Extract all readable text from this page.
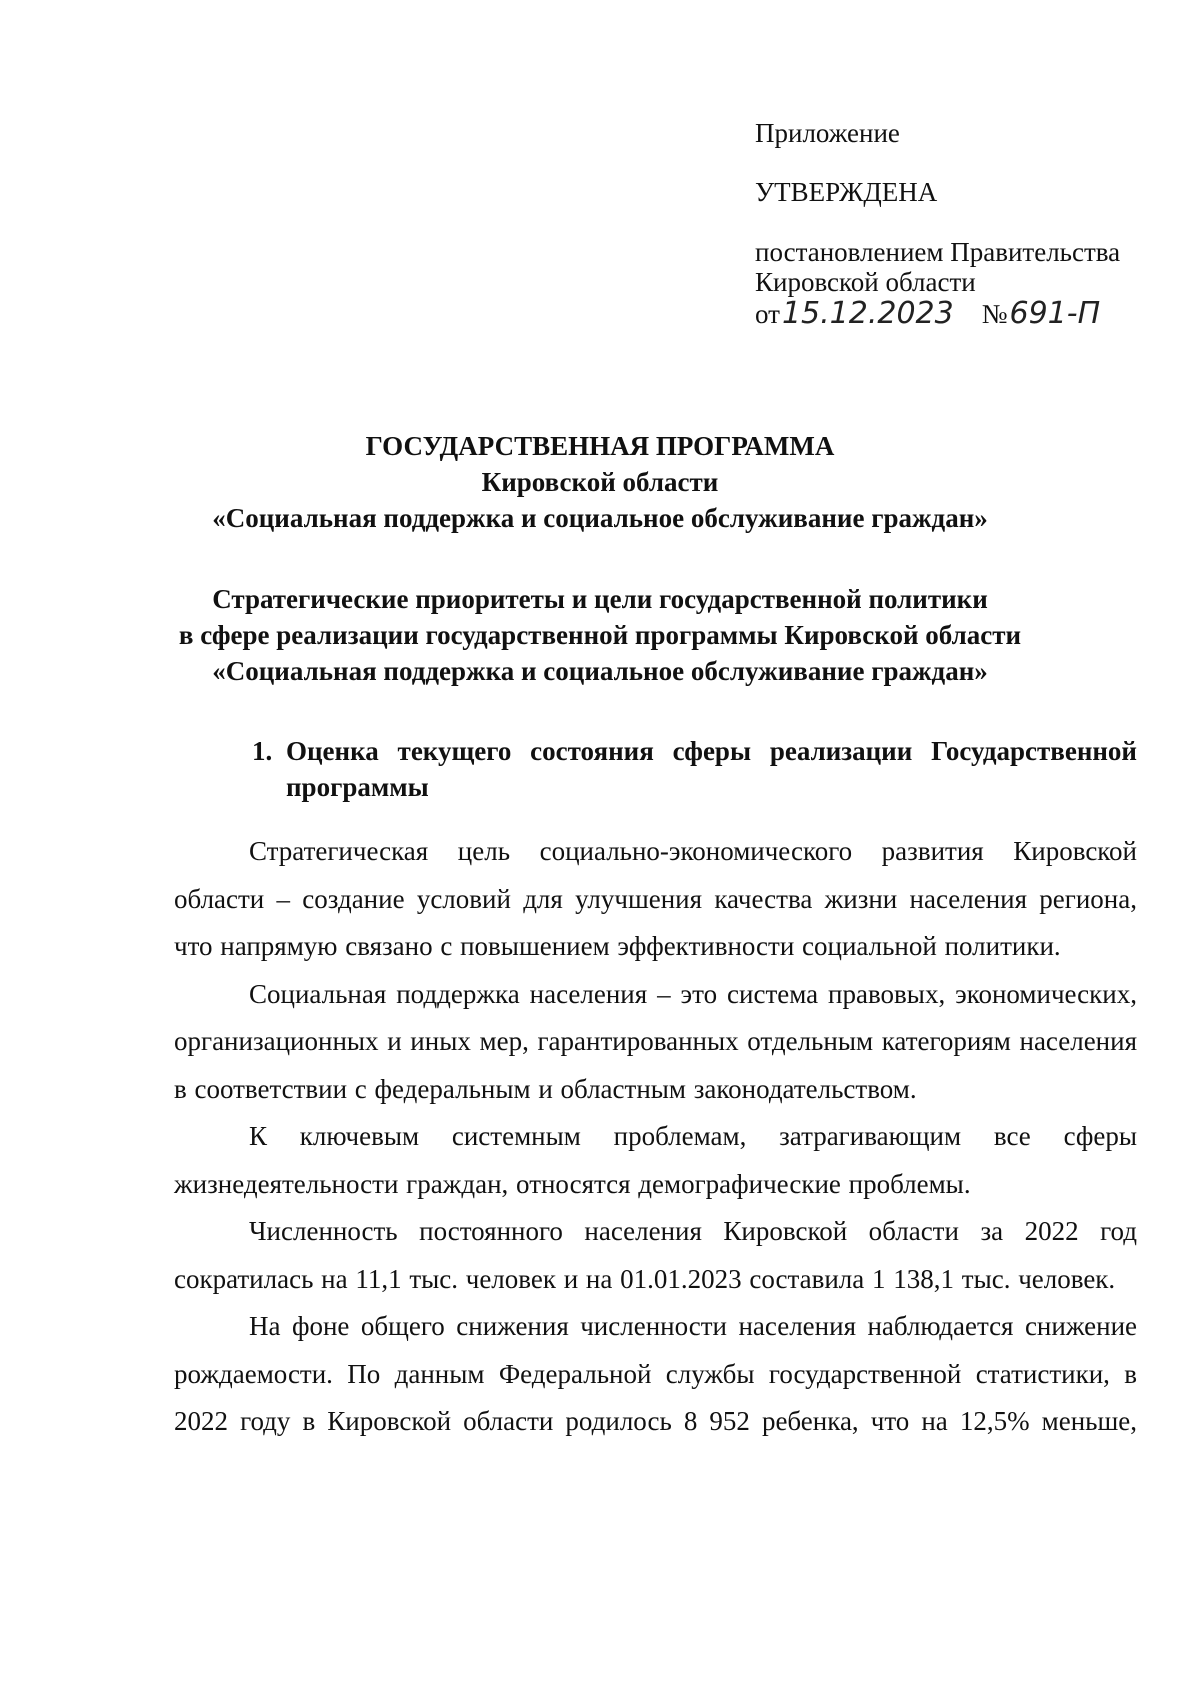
Приложение
УТВЕРЖДЕНА
постановлением Правительства
Кировской области
от15.12.2023 №691-П
ГОСУДАРСТВЕННАЯ ПРОГРАММА
Кировской области
«Социальная поддержка и социальное обслуживание граждан»
Стратегические приоритеты и цели государственной политики
в сфере реализации государственной программы Кировской области
«Социальная поддержка и социальное обслуживание граждан»
1. Оценка текущего состояния сферы реализации Государственной программы

Стратегическая цель социально-экономического развития Кировской области – создание условий для улучшения качества жизни населения региона, что напрямую связано с повышением эффективности социальной политики.

Социальная поддержка населения – это система правовых, экономических, организационных и иных мер, гарантированных отдельным категориям населения в соответствии с федеральным и областным законодательством.

К ключевым системным проблемам, затрагивающим все сферы жизнедеятельности граждан, относятся демографические проблемы.

Численность постоянного населения Кировской области за 2022 год сократилась на 11,1 тыс. человек и на 01.01.2023 составила 1 138,1 тыс. человек.

На фоне общего снижения численности населения наблюдается снижение рождаемости. По данным Федеральной службы государственной статистики, в 2022 году в Кировской области родилось 8 952 ребенка, что на 12,5% меньше,
